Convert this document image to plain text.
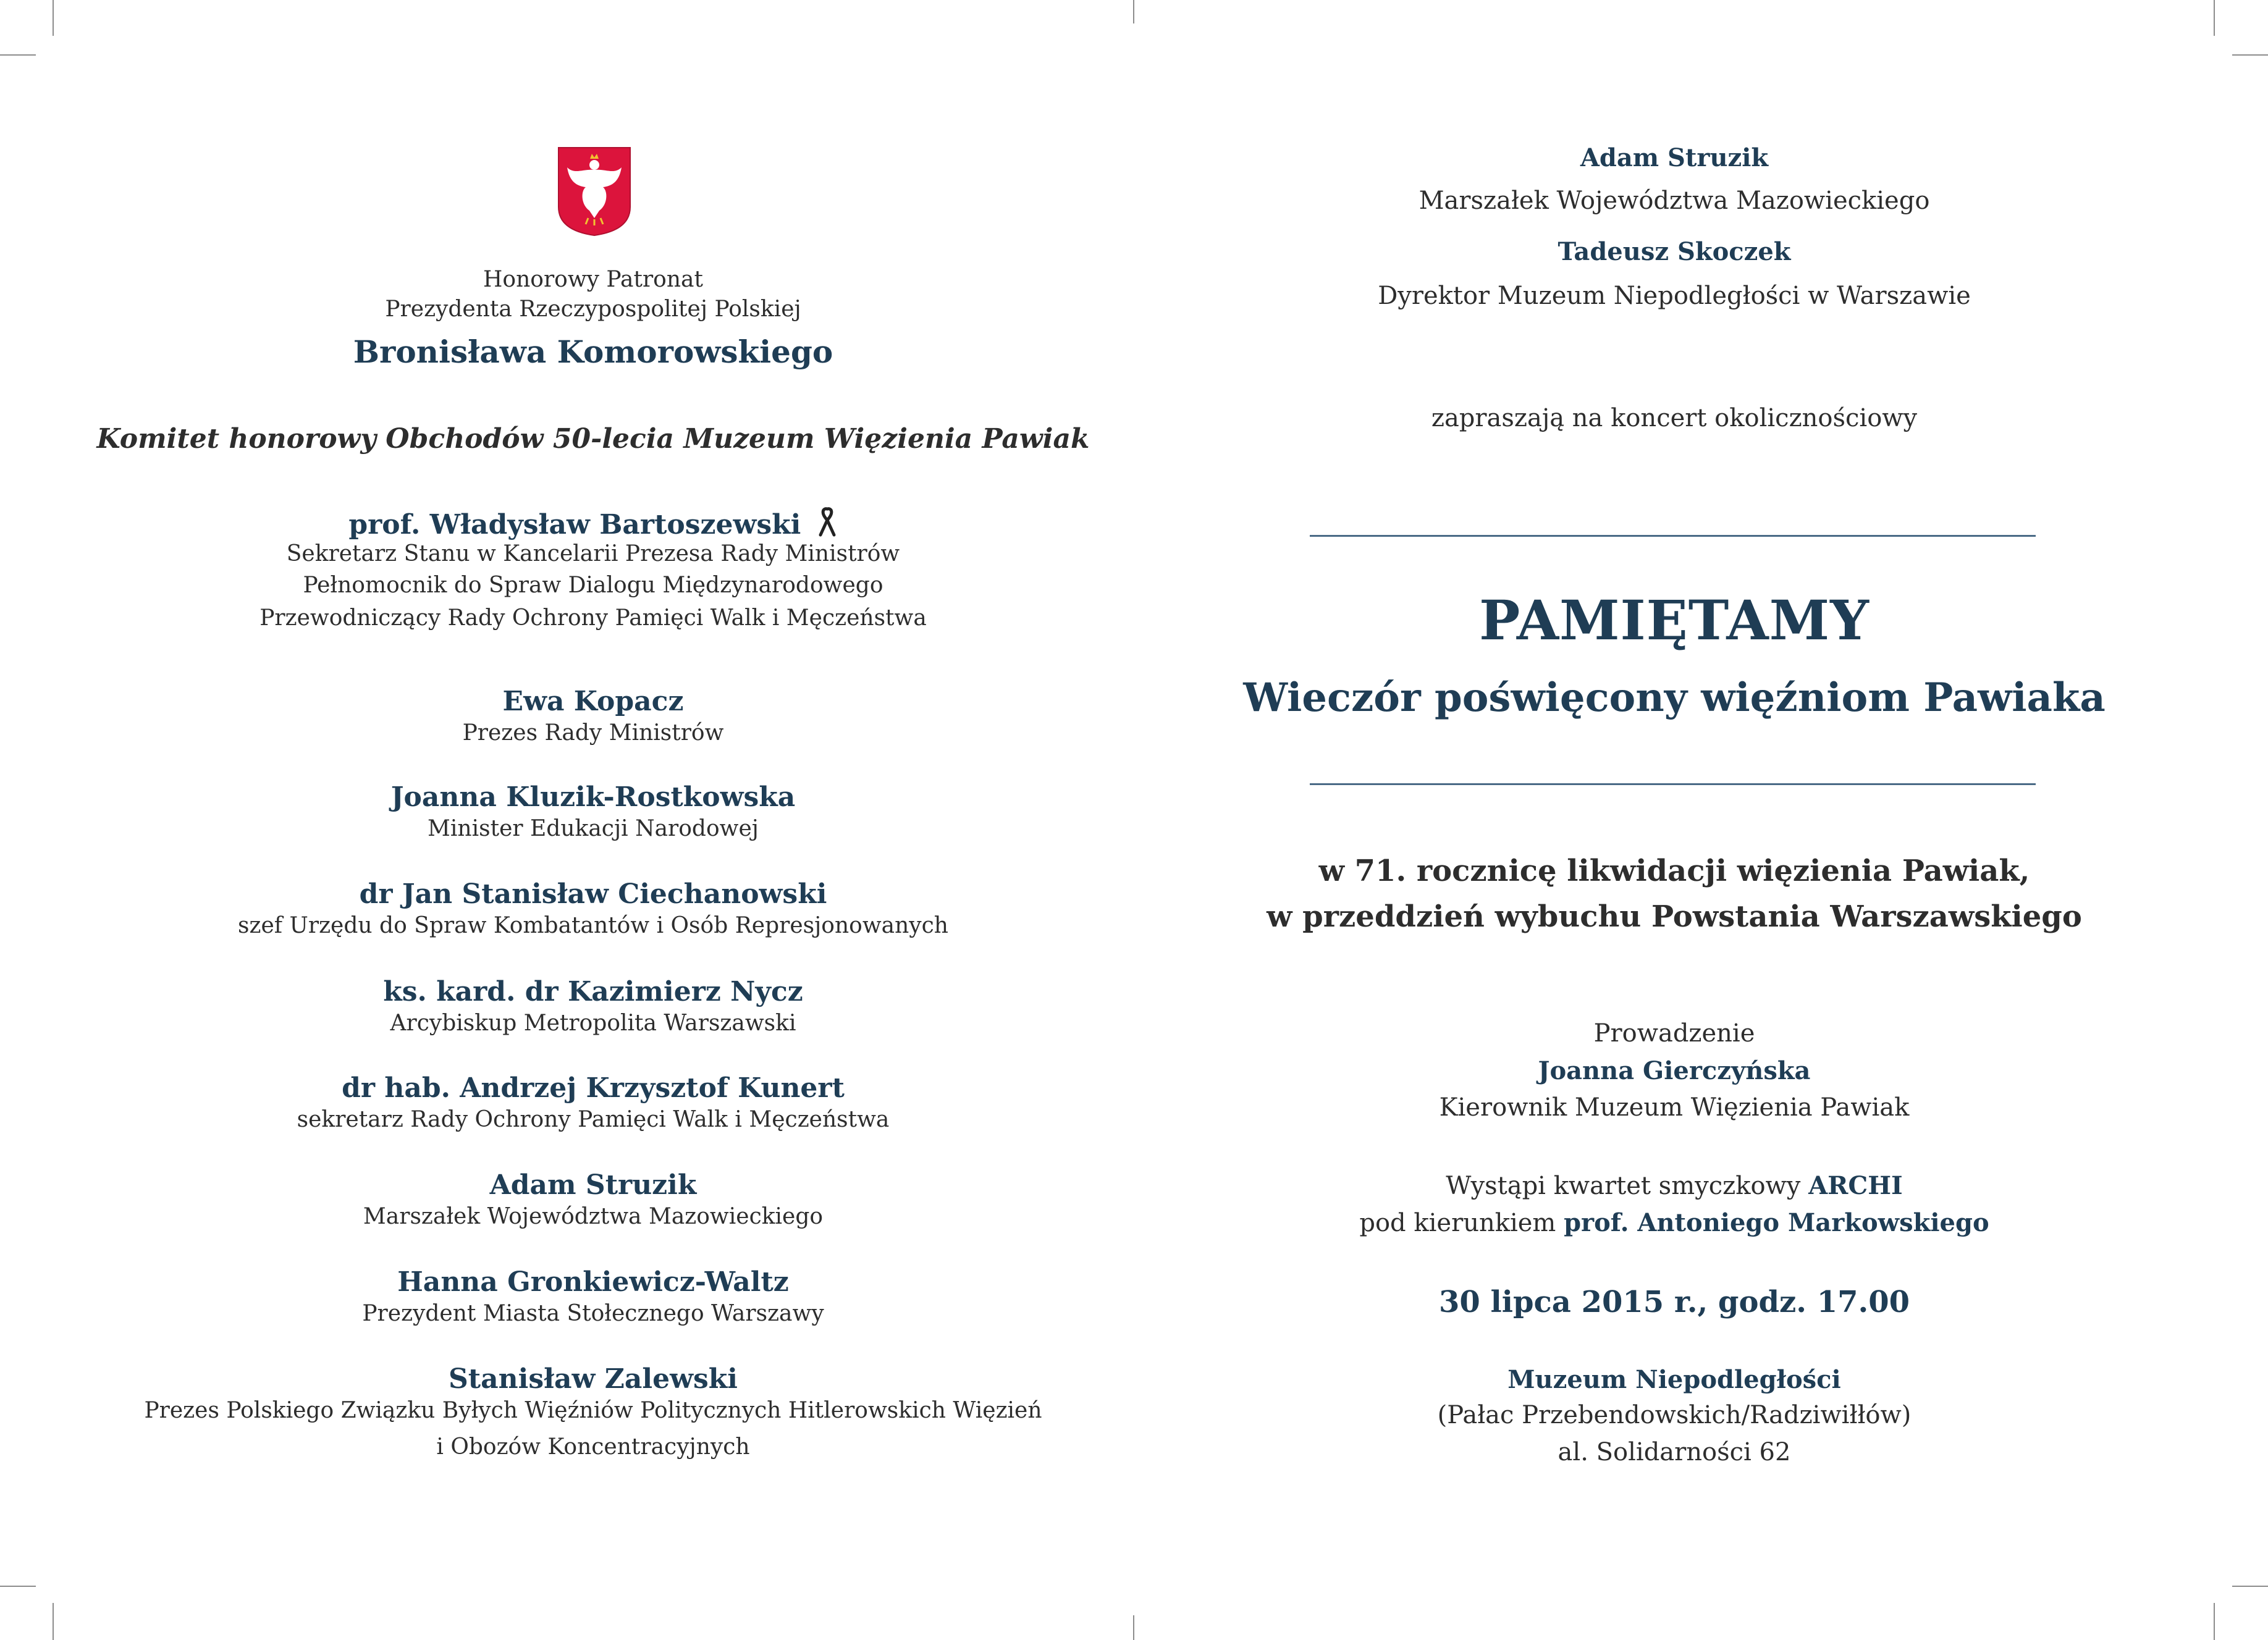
Honorowy Patronat
Prezydenta Rzeczypospolitej Polskiej
Bronisława Komorowskiego
Komitet honorowy Obchodów 50-lecia Muzeum Więzienia Pawiak
prof. Władysław Bartoszewski
Sekretarz Stanu w Kancelarii Prezesa Rady Ministrów
Pełnomocnik do Spraw Dialogu Międzynarodowego
Przewodniczący Rady Ochrony Pamięci Walk i Męczeństwa
Ewa Kopacz
Prezes Rady Ministrów
Joanna Kluzik-Rostkowska
Minister Edukacji Narodowej
dr Jan Stanisław Ciechanowski
szef Urzędu do Spraw Kombatantów i Osób Represjonowanych
ks. kard. dr Kazimierz Nycz
Arcybiskup Metropolita Warszawski
dr hab. Andrzej Krzysztof Kunert
sekretarz Rady Ochrony Pamięci Walk i Męczeństwa
Adam Struzik
Marszałek Województwa Mazowieckiego
Hanna Gronkiewicz-Waltz
Prezydent Miasta Stołecznego Warszawy
Stanisław Zalewski
Prezes Polskiego Związku Byłych Więźniów Politycznych Hitlerowskich Więzień
i Obozów Koncentracyjnych
Adam Struzik
Marszałek Województwa Mazowieckiego
Tadeusz Skoczek
Dyrektor Muzeum Niepodległości w Warszawie
zapraszają na koncert okolicznościowy
PAMIĘTAMY
Wieczór poświęcony więźniom Pawiaka
w 71. rocznicę likwidacji więzienia Pawiak,
w przeddzień wybuchu Powstania Warszawskiego
Prowadzenie
Joanna Gierczyńska
Kierownik Muzeum Więzienia Pawiak
Wystąpi kwartet smyczkowy ARCHI
pod kierunkiem prof. Antoniego Markowskiego
30 lipca 2015 r., godz. 17.00
Muzeum Niepodległości
(Pałac Przebendowskich/Radziwiłłów)
al. Solidarności 62
